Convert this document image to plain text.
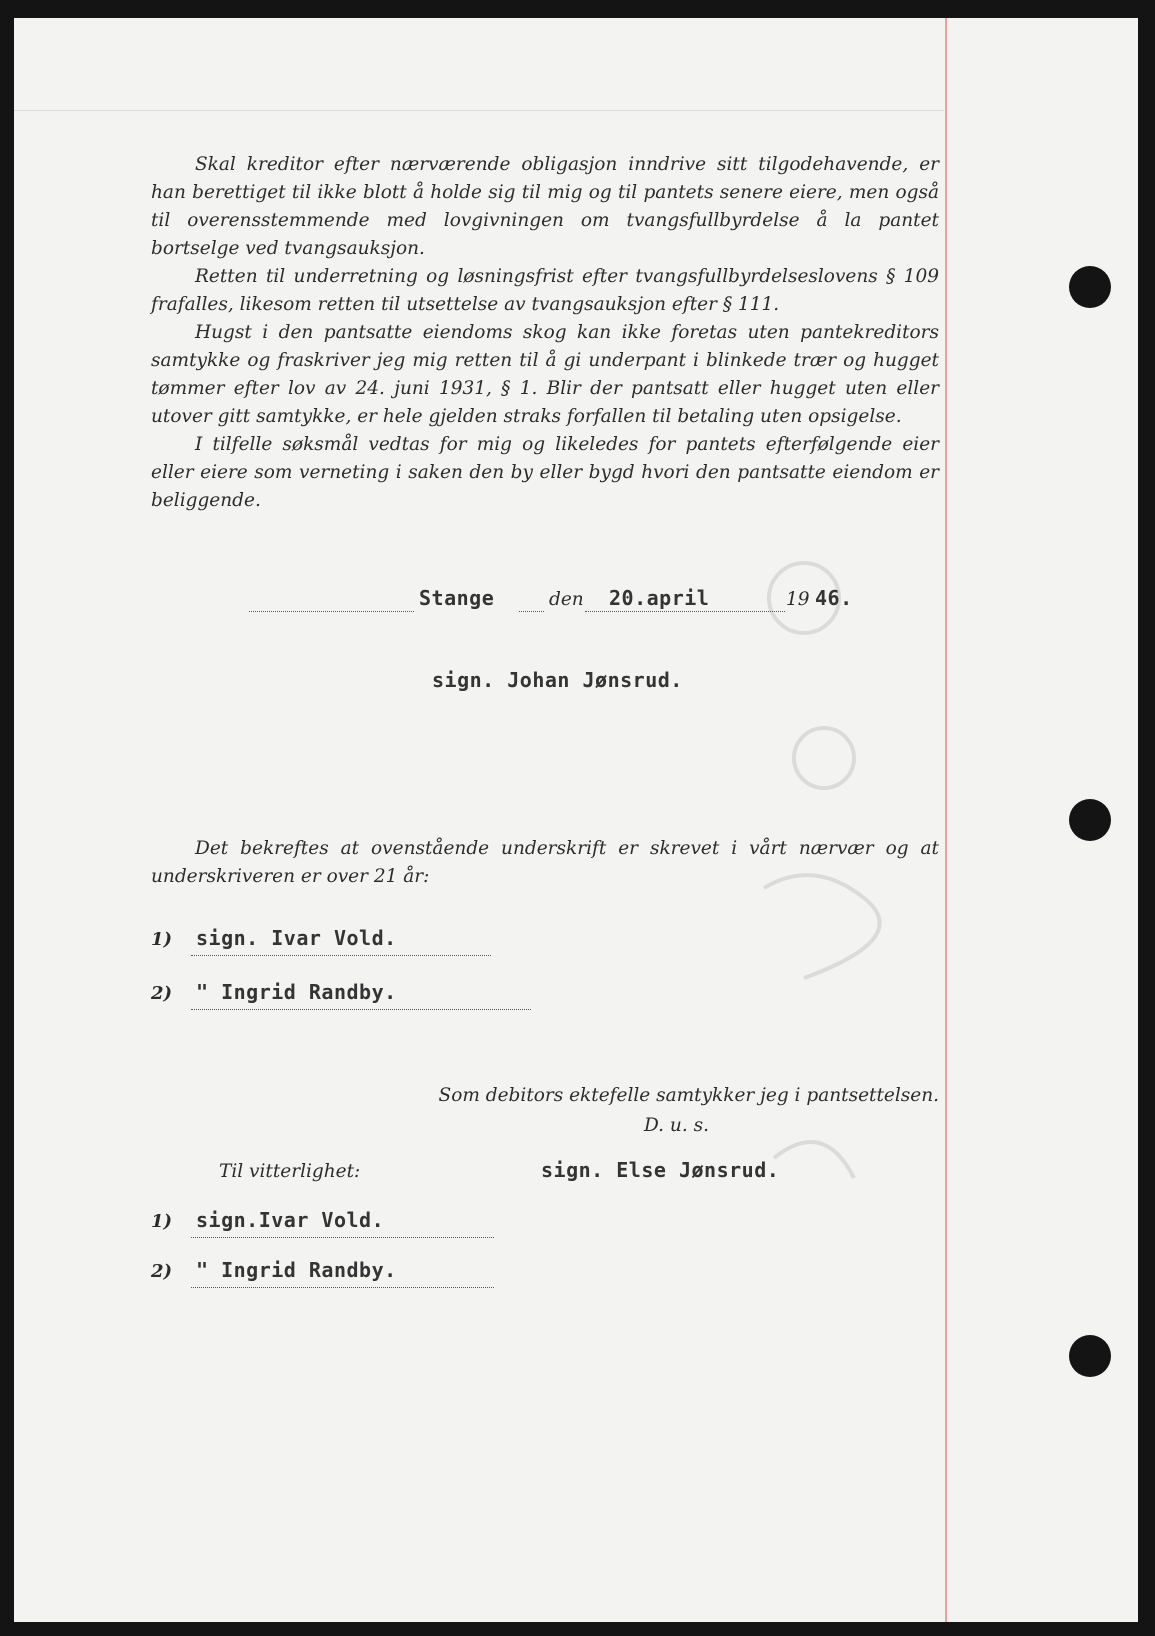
Skal kreditor efter nærværende obligasjon inndrive sitt tilgodehavende, er han berettiget til ikke blott å holde sig til mig og til pantets senere eiere, men også til overensstemmende med lovgivningen om tvangsfullbyrdelse å la pantet bortselge ved tvangsauksjon.

Retten til underretning og løsningsfrist efter tvangsfullbyrdelseslovens § 109 frafalles, likesom retten til utsettelse av tvangsauksjon efter § 111.

Hugst i den pantsatte eiendoms skog kan ikke foretas uten pantekreditors samtykke og fraskriver jeg mig retten til å gi underpant i blinkede trær og hugget tømmer efter lov av 24. juni 1931, § 1. Blir der pantsatt eller hugget uten eller utover gitt samtykke, er hele gjelden straks forfallen til betaling uten opsigelse.

I tilfelle søksmål vedtas for mig og likeledes for pantets efterfølgende eier eller eiere som verneting i saken den by eller bygd hvori den pantsatte eiendom er beliggende.

Stange	den 20.april	19 46.
sign. Johan Jønsrud.

Det bekreftes at ovenstående underskrift er skrevet i vårt nærvær og at underskriveren er over 21 år:

1) sign. Ivar Vold.
2) " Ingrid Randby.
Som debitors ektefelle samtykker jeg i pantsettelsen.
D. u. s.
Til vitterlighet:	sign. Else Jønsrud.
1) sign.Ivar Vold.
2) " Ingrid Randby.
